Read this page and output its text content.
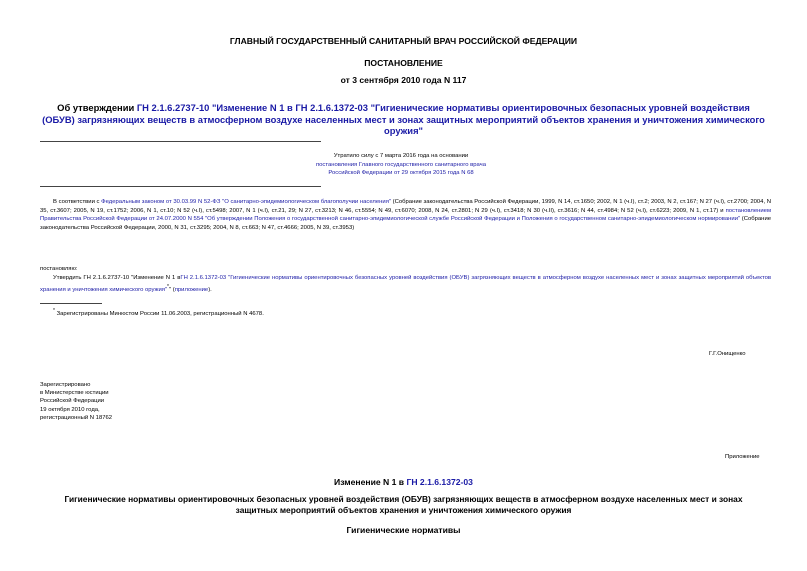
ГЛАВНЫЙ ГОСУДАРСТВЕННЫЙ САНИТАРНЫЙ ВРАЧ РОССИЙСКОЙ ФЕДЕРАЦИИ
ПОСТАНОВЛЕНИЕ
от 3 сентября 2010 года N 117
Об утверждении ГН 2.1.6.2737-10 "Изменение N 1 в ГН 2.1.6.1372-03 "Гигиенические нормативы ориентировочных безопасных уровней воздействия (ОБУВ) загрязняющих веществ в атмосферном воздухе населенных мест и зонах защитных мероприятий объектов хранения и уничтожения химического оружия"
Утратило силу с 7 марта 2016 года на основании
постановления Главного государственного санитарного врача
Российской Федерации от 29 октября 2015 года N 68
В соответствии с Федеральным законом от 30.03.99 N 52-ФЗ "О санитарно-эпидемиологическом благополучии населения" (Собрание законодательства Российской Федерации, 1999, N 14, ст.1650; 2002, N 1 (ч.I), ст.2; 2003, N 2, ст.167; N 27 (ч.I), ст.2700; 2004, N 35, ст.3607; 2005, N 19, ст.1752; 2006, N 1, ст.10; N 52 (ч.I), ст.5498; 2007, N 1 (ч.I), ст.21, 29; N 27, ст.3213; N 46, ст.5554; N 49, ст.6070; 2008, N 24, ст.2801; N 29 (ч.I), ст.3418; N 30 (ч.II), ст.3616; N 44, ст.4984; N 52 (ч.I), ст.6223; 2009, N 1, ст.17) и постановлением Правительства Российской Федерации от 24.07.2000 N 554 "Об утверждении Положения о государственной санитарно-эпидемиологической службе Российской Федерации и Положения о государственном санитарно-эпидемиологическом нормировании" (Собрание законодательства Российской Федерации, 2000, N 31, ст.3295; 2004, N 8, ст.663; N 47, ст.4666; 2005, N 39, ст.3953)
постановляю:
Утвердить ГН 2.1.6.2737-10 "Изменение N 1 вГН 2.1.6.1372-03 "Гигиенические нормативы ориентировочных безопасных уровней воздействия (ОБУВ) загрязняющих веществ в атмосферном воздухе населенных мест и зонах защитных мероприятий объектов хранения и уничтожения химического оружия"*" (приложение).
* Зарегистрированы Минюстом России 11.06.2003, регистрационный N 4678.
Г.Г.Онищенко
Зарегистрировано
в Министерстве юстиции
Российской Федерации
19 октября 2010 года,
регистрационный N 18762
Приложение
Изменение N 1 в ГН 2.1.6.1372-03
Гигиенические нормативы ориентировочных безопасных уровней воздействия (ОБУВ) загрязняющих веществ в атмосферном воздухе населенных мест и зонах
защитных мероприятий объектов хранения и уничтожения химического оружия
Гигиенические нормативы
